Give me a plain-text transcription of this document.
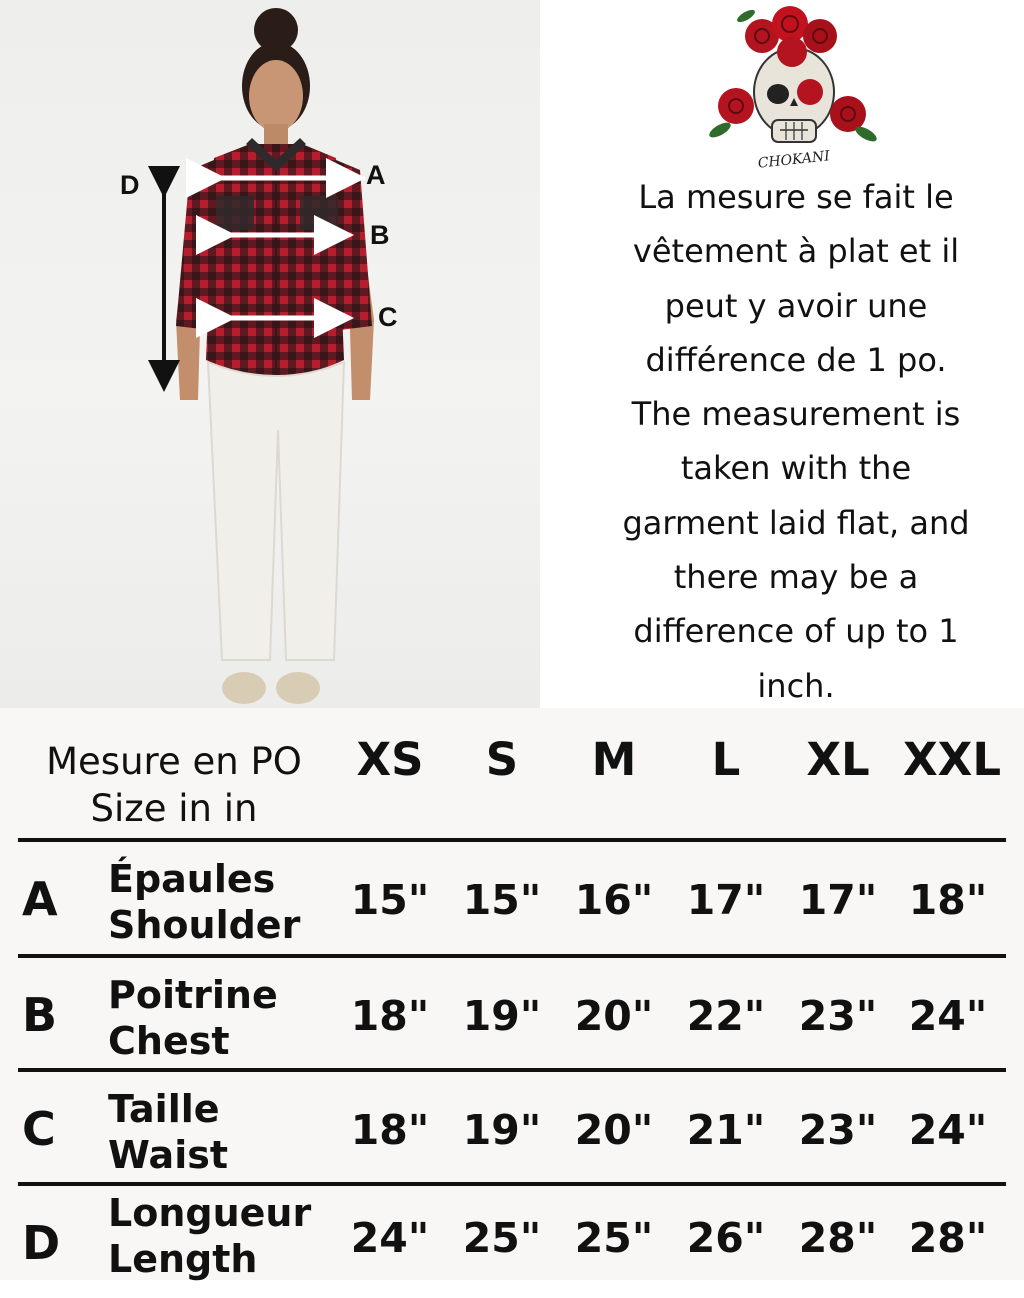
D	A
B
C
CHOKANI

La mesure se fait le

vêtement à plat et il

peut y avoir une

différence de 1 po.

The measurement is

taken with the

garment laid flat, and

there may be a

difference of up to 1

inch.

Mesure en PO
Size in in
XS	S	M	L	XL XXL
A Épaules
Shoulder
15" 15" 16" 17" 17" 18"
B Poitrine
Chest
18" 19" 20" 22" 23" 24"
C Taille
Waist
18" 19" 20" 21" 23" 24"
D
Longueur
Length	24" 25" 25" 26" 28" 28"
